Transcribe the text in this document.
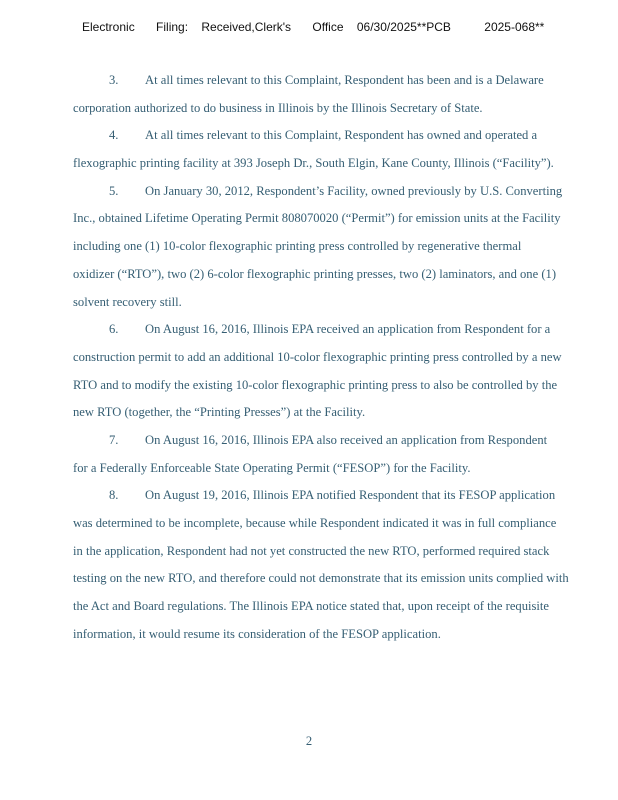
Electronic Filing: Received,Clerk's Office 06/30/2025**PCB	2025-068**
3. At all times relevant to this Complaint, Respondent has been and is a Delaware
corporation authorized to do business in Illinois by the Illinois Secretary of State.
4. At all times relevant to this Complaint, Respondent has owned and operated a
flexographic printing facility at 393 Joseph Dr., South Elgin, Kane County, Illinois (“Facility”).
5. On January 30, 2012, Respondent’s Facility, owned previously by U.S. Converting
Inc., obtained Lifetime Operating Permit 808070020 (“Permit”) for emission units at the Facility
including one (1) 10-color flexographic printing press controlled by regenerative thermal
oxidizer (“RTO”), two (2) 6-color flexographic printing presses, two (2) laminators, and one (1)
solvent recovery still.
6. On August 16, 2016, Illinois EPA received an application from Respondent for a
construction permit to add an additional 10-color flexographic printing press controlled by a new
RTO and to modify the existing 10-color flexographic printing press to also be controlled by the
new RTO (together, the “Printing Presses”) at the Facility.
7. On August 16, 2016, Illinois EPA also received an application from Respondent
for a Federally Enforceable State Operating Permit (“FESOP”) for the Facility.
8. On August 19, 2016, Illinois EPA notified Respondent that its FESOP application
was determined to be incomplete, because while Respondent indicated it was in full compliance
in the application, Respondent had not yet constructed the new RTO, performed required stack
testing on the new RTO, and therefore could not demonstrate that its emission units complied with
the Act and Board regulations. The Illinois EPA notice stated that, upon receipt of the requisite
information, it would resume its consideration of the FESOP application.
2
